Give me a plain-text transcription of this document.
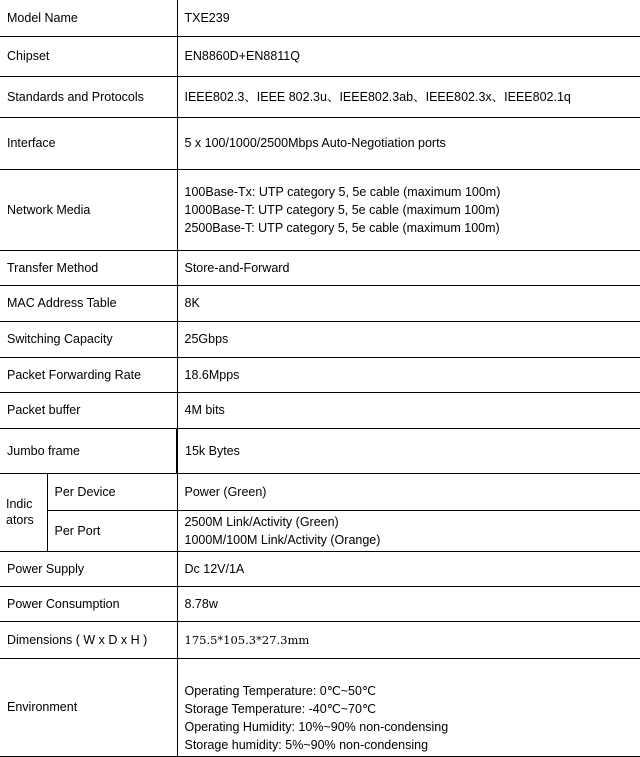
Model Name		TXE239
Chipset		EN8860D+EN8811Q
Standards and Protocols		IEEE802.3、IEEE 802.3u、IEEE802.3ab、IEEE802.3x、IEEE802.1q
Interface		5 x 100/1000/2500Mbps Auto-Negotiation ports
Network Media		100Base-Tx: UTP category 5, 5e cable (maximum 100m)
1000Base-T: UTP category 5, 5e cable (maximum 100m)
2500Base-T: UTP category 5, 5e cable (maximum 100m)

Transfer Method		Store-and-Forward
MAC Address Table		8K
Switching Capacity		25Gbps
Packet Forwarding Rate		18.6Mpps
Packet buffer		4M bits
Jumbo frame		15k Bytes

Indic
ators	Per Device	Power (Green)
	Per Port	2500M Link/Activity (Green)
1000M/100M Link/Activity (Orange)

Power Supply		Dc 12V/1A
Power Consumption		8.78w
Dimensions ( W x D x H )		175.5*105.3*27.3mm
Environment		Operating Temperature: 0℃~50℃
Storage Temperature: -40℃~70℃
Operating Humidity: 10%~90% non-condensing
Storage humidity: 5%~90% non-condensing
